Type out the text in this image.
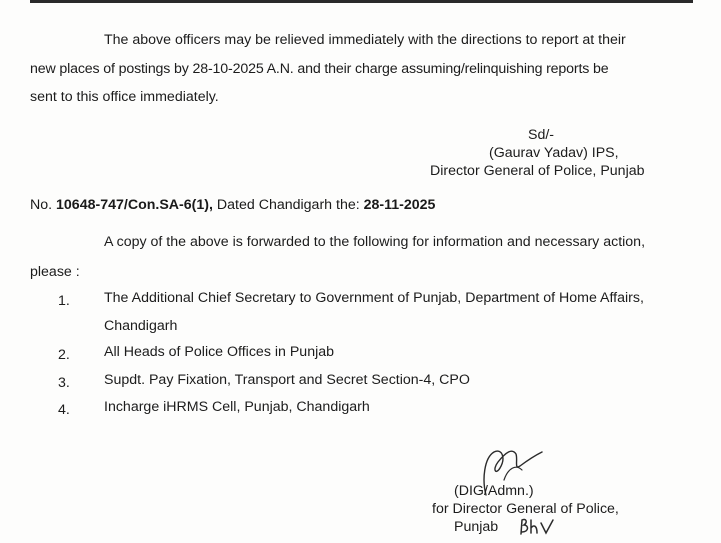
The above officers may be relieved immediately with the directions to report at their
new places of postings by 28-10-2025 A.N. and their charge assuming/relinquishing reports be
sent to this office immediately.
Sd/-
(Gaurav Yadav) IPS,
Director General of Police, Punjab
No. 10648-747/Con.SA-6(1), Dated Chandigarh the: 28-11-2025
A copy of the above is forwarded to the following for information and necessary action,
please :
1. The Additional Chief Secretary to Government of Punjab, Department of Home Affairs,
Chandigarh
2. All Heads of Police Offices in Punjab
3. Supdt. Pay Fixation, Transport and Secret Section-4, CPO
4. Incharge iHRMS Cell, Punjab, Chandigarh
(DIG/Admn.)
for Director General of Police,
Punjab
